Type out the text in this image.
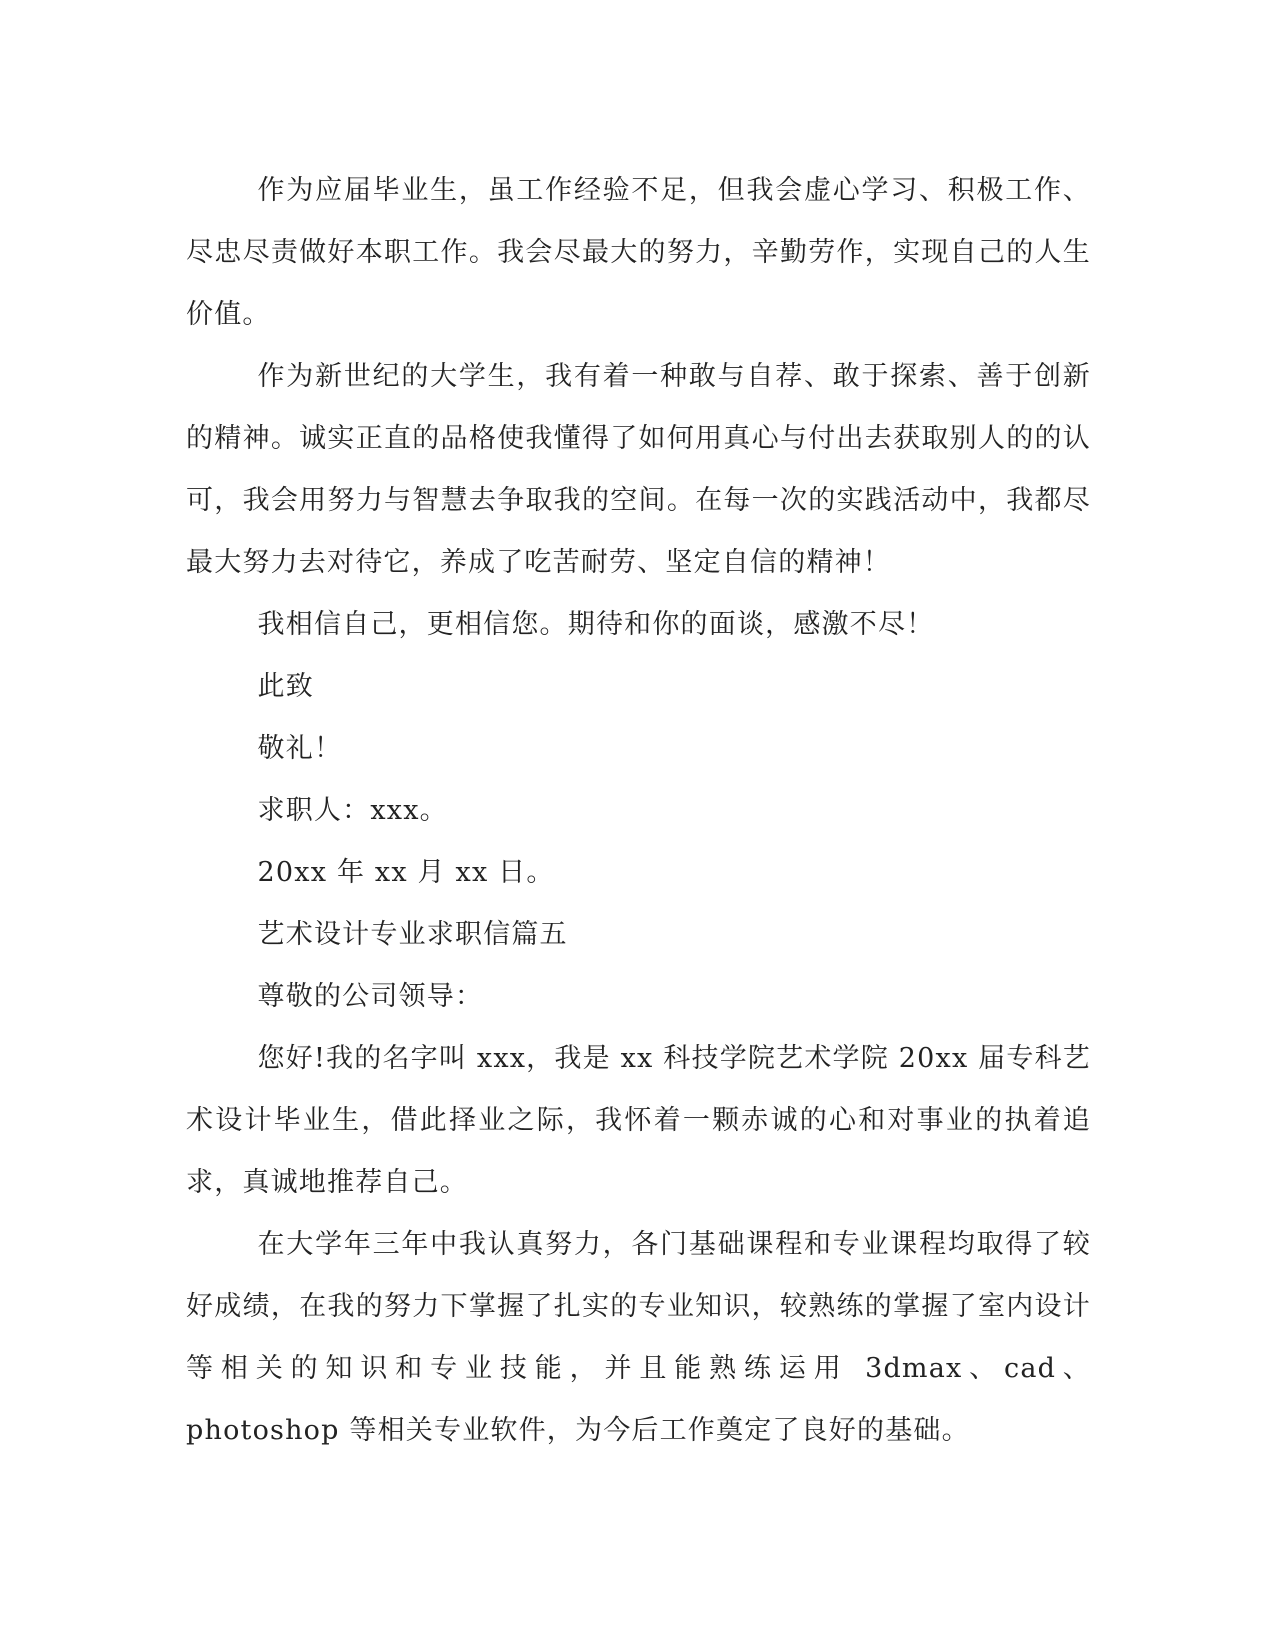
作为应届毕业生，虽工作经验不足，但我会虚心学习、积极工作、尽忠尽责做好本职工作。我会尽最大的努力，辛勤劳作，实现自己的人生价值。

作为新世纪的大学生，我有着一种敢与自荐、敢于探索、善于创新的精神。诚实正直的品格使我懂得了如何用真心与付出去获取别人的的认可，我会用努力与智慧去争取我的空间。在每一次的实践活动中，我都尽最大努力去对待它，养成了吃苦耐劳、坚定自信的精神！

我相信自己，更相信您。期待和你的面谈，感激不尽！

此致

敬礼！

求职人：xxx。

20xx 年 xx 月 xx 日。

艺术设计专业求职信篇五

尊敬的公司领导：

您好!我的名字叫 xxx，我是 xx 科技学院艺术学院 20xx 届专科艺术设计毕业生，借此择业之际，我怀着一颗赤诚的心和对事业的执着追求，真诚地推荐自己。

在大学年三年中我认真努力，各门基础课程和专业课程均取得了较好成绩，在我的努力下掌握了扎实的专业知识，较熟练的掌握了室内设计等相关的知识和专业技能，并且能熟练运用 3dmax、cad、photoshop 等相关专业软件，为今后工作奠定了良好的基础。
